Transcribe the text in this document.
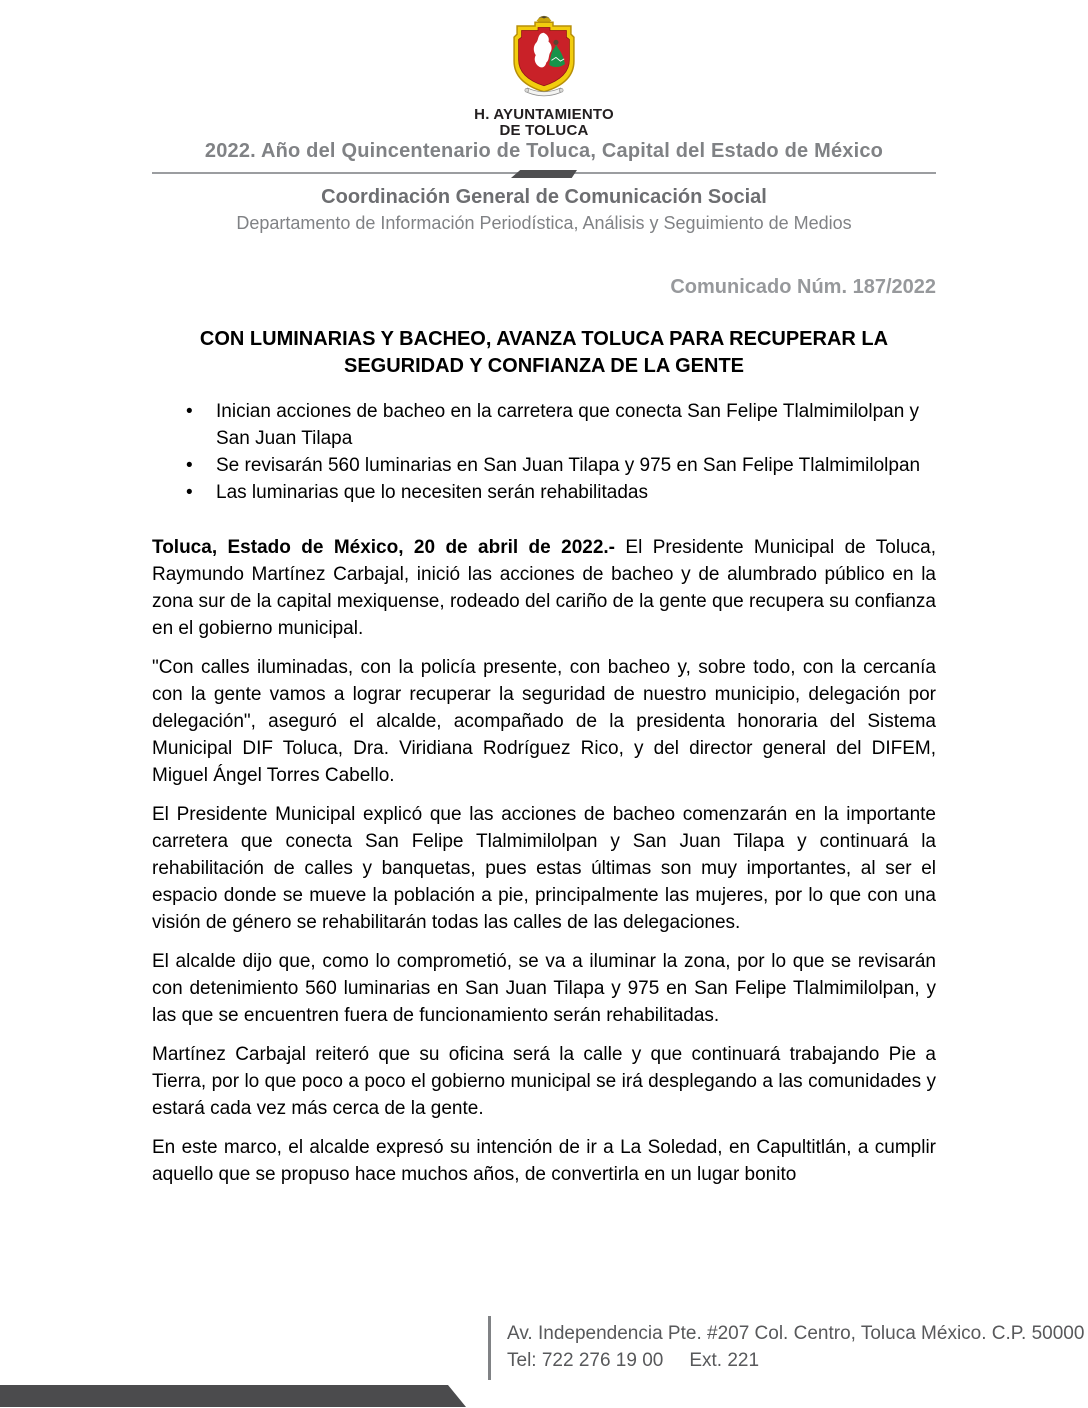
H. AYUNTAMIENTO
DE TOLUCA
2022. Año del Quincentenario de Toluca, Capital del Estado de México
Coordinación General de Comunicación Social
Departamento de Información Periodística, Análisis y Seguimiento de Medios
Comunicado Núm. 187/2022
CON LUMINARIAS Y BACHEO, AVANZA TOLUCA PARA RECUPERAR LA
SEGURIDAD Y CONFIANZA DE LA GENTE
• Inician acciones de bacheo en la carretera que conecta San Felipe Tlalmimilolpan y San Juan Tilapa
• Se revisarán 560 luminarias en San Juan Tilapa y 975 en San Felipe Tlalmimilolpan
• Las luminarias que lo necesiten serán rehabilitadas

Toluca, Estado de México, 20 de abril de 2022.- El Presidente Municipal de Toluca, Raymundo Martínez Carbajal, inició las acciones de bacheo y de alumbrado público en la zona sur de la capital mexiquense, rodeado del cariño de la gente que recupera su confianza en el gobierno municipal.

"Con calles iluminadas, con la policía presente, con bacheo y, sobre todo, con la cercanía con la gente vamos a lograr recuperar la seguridad de nuestro municipio, delegación por delegación", aseguró el alcalde, acompañado de la presidenta honoraria del Sistema Municipal DIF Toluca, Dra. Viridiana Rodríguez Rico, y del director general del DIFEM, Miguel Ángel Torres Cabello.

El Presidente Municipal explicó que las acciones de bacheo comenzarán en la importante carretera que conecta San Felipe Tlalmimilolpan y San Juan Tilapa y continuará la rehabilitación de calles y banquetas, pues estas últimas son muy importantes, al ser el espacio donde se mueve la población a pie, principalmente las mujeres, por lo que con una visión de género se rehabilitarán todas las calles de las delegaciones.

El alcalde dijo que, como lo comprometió, se va a iluminar la zona, por lo que se revisarán con detenimiento 560 luminarias en San Juan Tilapa y 975 en San Felipe Tlalmimilolpan, y las que se encuentren fuera de funcionamiento serán rehabilitadas.

Martínez Carbajal reiteró que su oficina será la calle y que continuará trabajando Pie a Tierra, por lo que poco a poco el gobierno municipal se irá desplegando a las comunidades y estará cada vez más cerca de la gente.

En este marco, el alcalde expresó su intención de ir a La Soledad, en Capultitlán, a cumplir aquello que se propuso hace muchos años, de convertirla en un lugar bonito

Av. Independencia Pte. #207 Col. Centro, Toluca México. C.P. 50000
Tel: 722 276 19 00 Ext. 221
